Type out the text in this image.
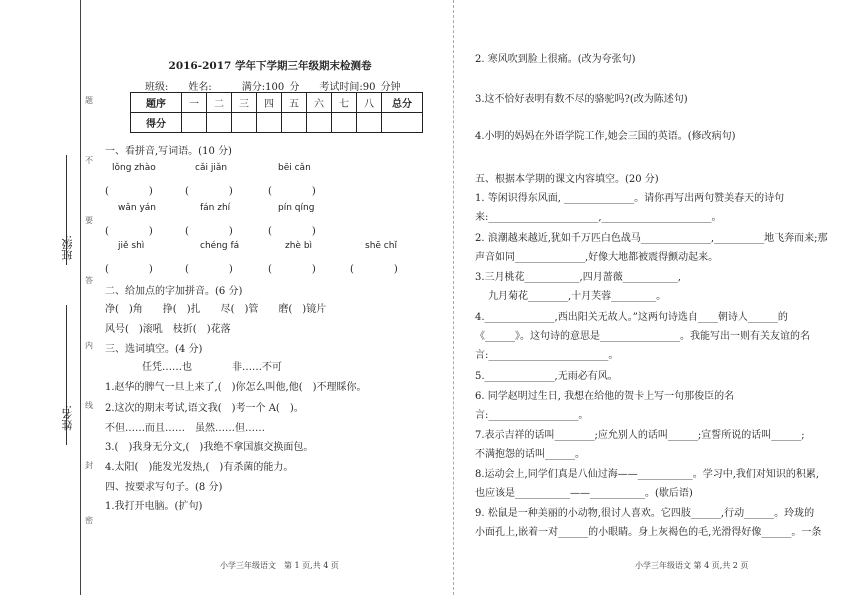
班级:
姓名:
题
不
要
答
内
线
封
密
2016-2017 学年下学期三年级期末检测卷
班级:　　姓名:　　　满分:100 分　　考试时间:90 分钟
题序	一	二	三	四	五	六	七	八	总分
得分									
一、看拼音,写词语。(10 分)
lǒng zhào	cǎi jiǎn	bēi cǎn
(　　　　)	(　　　　)	(　　　　)
wǎn yán	fán zhí	pín qíng
(　　　　)	(　　　　)	(　　　　)
jiě shì	chéng fá	zhè bì	shē chǐ
(　　　　)	(　　　　)	(　　　　)	(　　　　)
二、给加点的字加拼音。(6 分)
净(　)角　　挣(　)扎　　尽(　)管　　磨(　)镜片
风号(　)滚吼　枝折(　)花落
三、选词填空。(4 分)
任凭……也　　　　非……不可
1.赵华的脾气一旦上来了,(　)你怎么叫他,他(　)不理睬你。
2.这次的期末考试,语文我(　)考一个 A(　)。
不但……而且……　虽然……但……
3.(　)我身无分文,(　)我绝不拿国旗交换面包。
4.太阳(　)能发光发热,(　)有杀菌的能力。
四、按要求写句子。(8 分)
1.我打开电脑。(扩句)
小学三年级语文　第 1 页,共 4 页
2. 寒风吹到脸上很痛。(改为夸张句)
3.这不恰好表明有数不尽的骆驼吗?(改为陈述句)
4.小明的妈妈在外语学院工作,她会三国的英语。(修改病句)
五、根据本学期的课文内容填空。(20 分)
1. 等闲识得东风面, ______________。请你再写出两句赞美春天的诗句
来:______________________,______________________。
2. 浪潮越来越近,犹如千万匹白色战马______________,__________地飞奔而来;那
声音如同______________,好像大地都被震得颤动起来。
3.三月桃花___________,四月蔷薇___________,
九月菊花________,十月芙蓉_________。
4.______________,西出阳关无故人。”这两句诗选自____朝诗人______的
《______》。这句诗的意思是________________。我能写出一则有关友谊的名
言:________________________。
5.______________,无雨必有风。
6. 同学赵明过生日, 我想在给他的贺卡上写一句那俊臣的名
言:__________________。
7.表示吉祥的话叫________;应允别人的话叫______;宣誓所说的话叫______;
不满抱怨的话叫______。
8.运动会上,同学们真是八仙过海——___________。学习中,我们对知识的积累,
也应该是___________——___________。(歇后语)
9. 松鼠是一种美丽的小动物,很讨人喜欢。它四肢______,行动______。玲珑的
小面孔上,嵌着一对______的小眼睛。身上灰褐色的毛,光滑得好像______。一条
小学三年级语文 第 4 页,共 2 页
